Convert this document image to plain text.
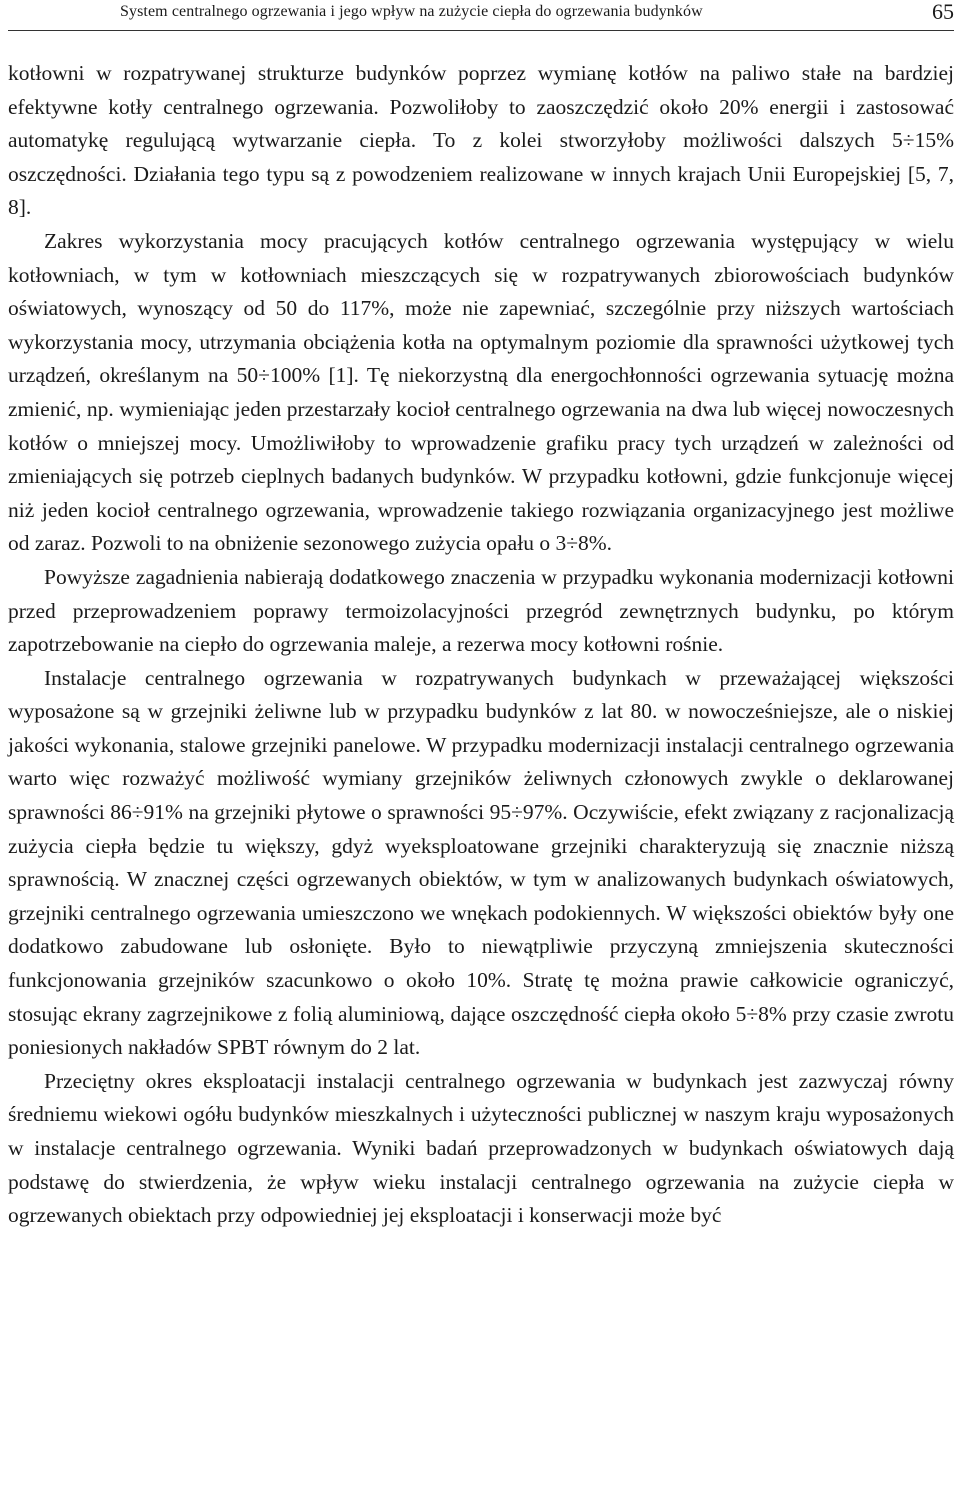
System centralnego ogrzewania i jego wpływ na zużycie ciepła do ogrzewania budynków	65

kotłowni w rozpatrywanej strukturze budynków poprzez wymianę kotłów na paliwo stałe na bardziej efektywne kotły centralnego ogrzewania. Pozwoliłoby to zaoszczędzić około 20% energii i zastosować automatykę regulującą wytwarzanie ciepła. To z kolei stworzyłoby możliwości dalszych 5÷15% oszczędności. Działania tego typu są z powodzeniem realizowane w innych krajach Unii Europejskiej [5, 7, 8].

Zakres wykorzystania mocy pracujących kotłów centralnego ogrzewania występujący w wielu kotłowniach, w tym w kotłowniach mieszczących się w rozpatrywanych zbiorowościach budynków oświatowych, wynoszący od 50 do 117%, może nie zapewniać, szczególnie przy niższych wartościach wykorzystania mocy, utrzymania obciążenia kotła na optymalnym poziomie dla sprawności użytkowej tych urządzeń, określanym na 50÷100% [1]. Tę niekorzystną dla energochłonności ogrzewania sytuację można zmienić, np. wymieniając jeden przestarzały kocioł centralnego ogrzewania na dwa lub więcej nowoczesnych kotłów o mniejszej mocy. Umożliwiłoby to wprowadzenie grafiku pracy tych urządzeń w zależności od zmieniających się potrzeb cieplnych badanych budynków. W przypadku kotłowni, gdzie funkcjonuje więcej niż jeden kocioł centralnego ogrzewania, wprowadzenie takiego rozwiązania organizacyjnego jest możliwe od zaraz. Pozwoli to na obniżenie sezonowego zużycia opału o 3÷8%.

Powyższe zagadnienia nabierają dodatkowego znaczenia w przypadku wykonania modernizacji kotłowni przed przeprowadzeniem poprawy termoizolacyjności przegród zewnętrznych budynku, po którym zapotrzebowanie na ciepło do ogrzewania maleje, a rezerwa mocy kotłowni rośnie.

Instalacje centralnego ogrzewania w rozpatrywanych budynkach w przeważającej większości wyposażone są w grzejniki żeliwne lub w przypadku budynków z lat 80. w nowocześniejsze, ale o niskiej jakości wykonania, stalowe grzejniki panelowe. W przypadku modernizacji instalacji centralnego ogrzewania warto więc rozważyć możliwość wymiany grzejników żeliwnych członowych zwykle o deklarowanej sprawności 86÷91% na grzejniki płytowe o sprawności 95÷97%. Oczywiście, efekt związany z racjonalizacją zużycia ciepła będzie tu większy, gdyż wyeksploatowane grzejniki charakteryzują się znacznie niższą sprawnością. W znacznej części ogrzewanych obiektów, w tym w analizowanych budynkach oświatowych, grzejniki centralnego ogrzewania umieszczono we wnękach podokiennych. W większości obiektów były one dodatkowo zabudowane lub osłonięte. Było to niewątpliwie przyczyną zmniejszenia skuteczności funkcjonowania grzejników szacunkowo o około 10%. Stratę tę można prawie całkowicie ograniczyć, stosując ekrany zagrzejnikowe z folią aluminiową, dające oszczędność ciepła około 5÷8% przy czasie zwrotu poniesionych nakładów SPBT równym do 2 lat.

Przeciętny okres eksploatacji instalacji centralnego ogrzewania w budynkach jest zazwyczaj równy średniemu wiekowi ogółu budynków mieszkalnych i użyteczności publicznej w naszym kraju wyposażonych w instalacje centralnego ogrzewania. Wyniki badań przeprowadzonych w budynkach oświatowych dają podstawę do stwierdzenia, że wpływ wieku instalacji centralnego ogrzewania na zużycie ciepła w ogrzewanych obiektach przy odpowiedniej jej eksploatacji i konserwacji może być
